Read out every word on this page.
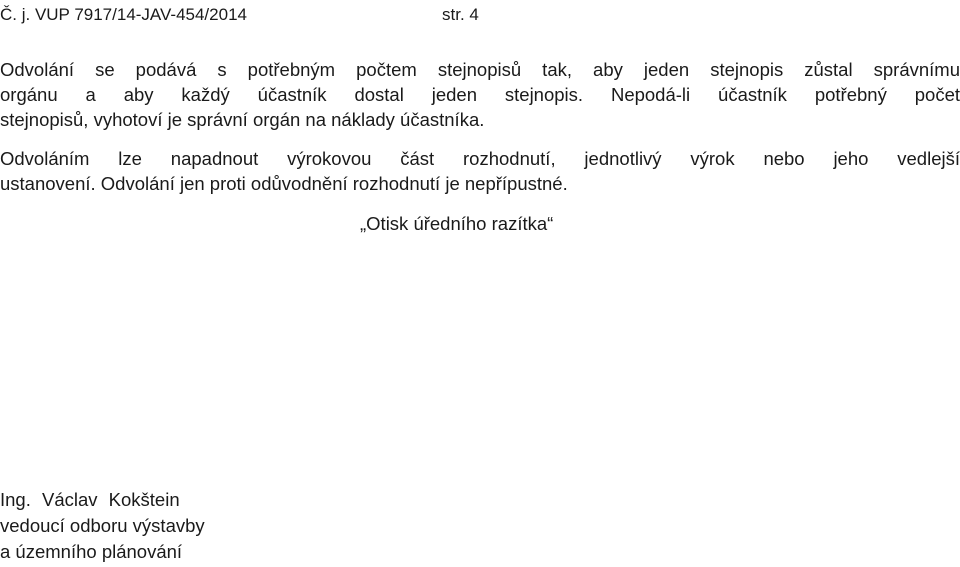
Č. j. VUP 7917/14-JAV-454/2014	str. 4
Odvolání se podává s potřebným počtem stejnopisů tak, aby jeden stejnopis zůstal správnímu
orgánu a aby každý účastník dostal jeden stejnopis. Nepodá-li účastník potřebný počet
stejnopisů, vyhotoví je správní orgán na náklady účastníka.
Odvoláním lze napadnout výrokovou část rozhodnutí, jednotlivý výrok nebo jeho vedlejší
ustanovení. Odvolání jen proti odůvodnění rozhodnutí je nepřípustné.
„Otisk úředního razítka“
Ing. Václav Kokštein
vedoucí odboru výstavby
a územního plánování
